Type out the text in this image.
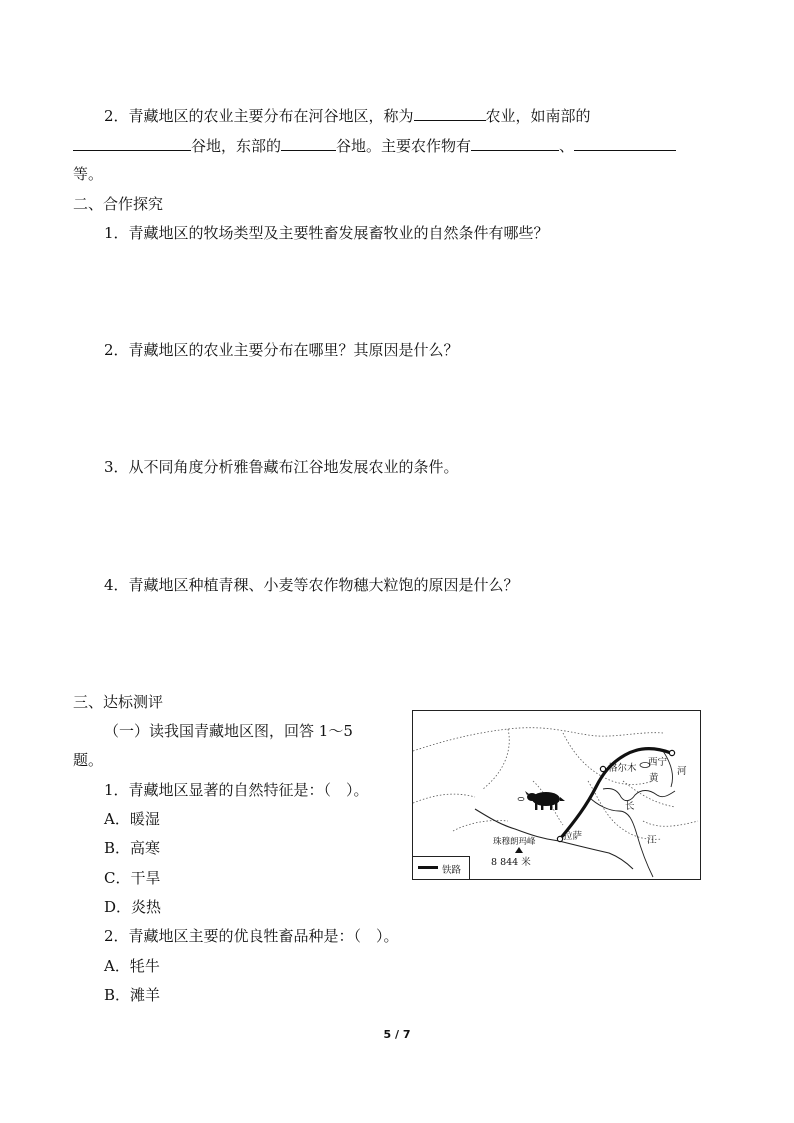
2．青藏地区的农业主要分布在河谷地区，称为	农业，如南部的
谷地，东部的	谷地。主要农作物有	、
等。
二、合作探究
1．青藏地区的牧场类型及主要牲畜发展畜牧业的自然条件有哪些？
2．青藏地区的农业主要分布在哪里？其原因是什么？
3．从不同角度分析雅鲁藏布江谷地发展农业的条件。
4．青藏地区种植青稞、小麦等农作物穗大粒饱的原因是什么？
三、达标测评
（一）读我国青藏地区图，回答 1～5
题。
1．青藏地区显著的自然特征是：（　）。
A．暖湿
B．高寒
C．干旱
D．炎热
2．青藏地区主要的优良牲畜品种是：（　）。
A．牦牛
B．滩羊
西宁
格尔木	河
黄
长
江
拉萨
珠穆朗玛峰
8 844 米
铁路
5 / 7
